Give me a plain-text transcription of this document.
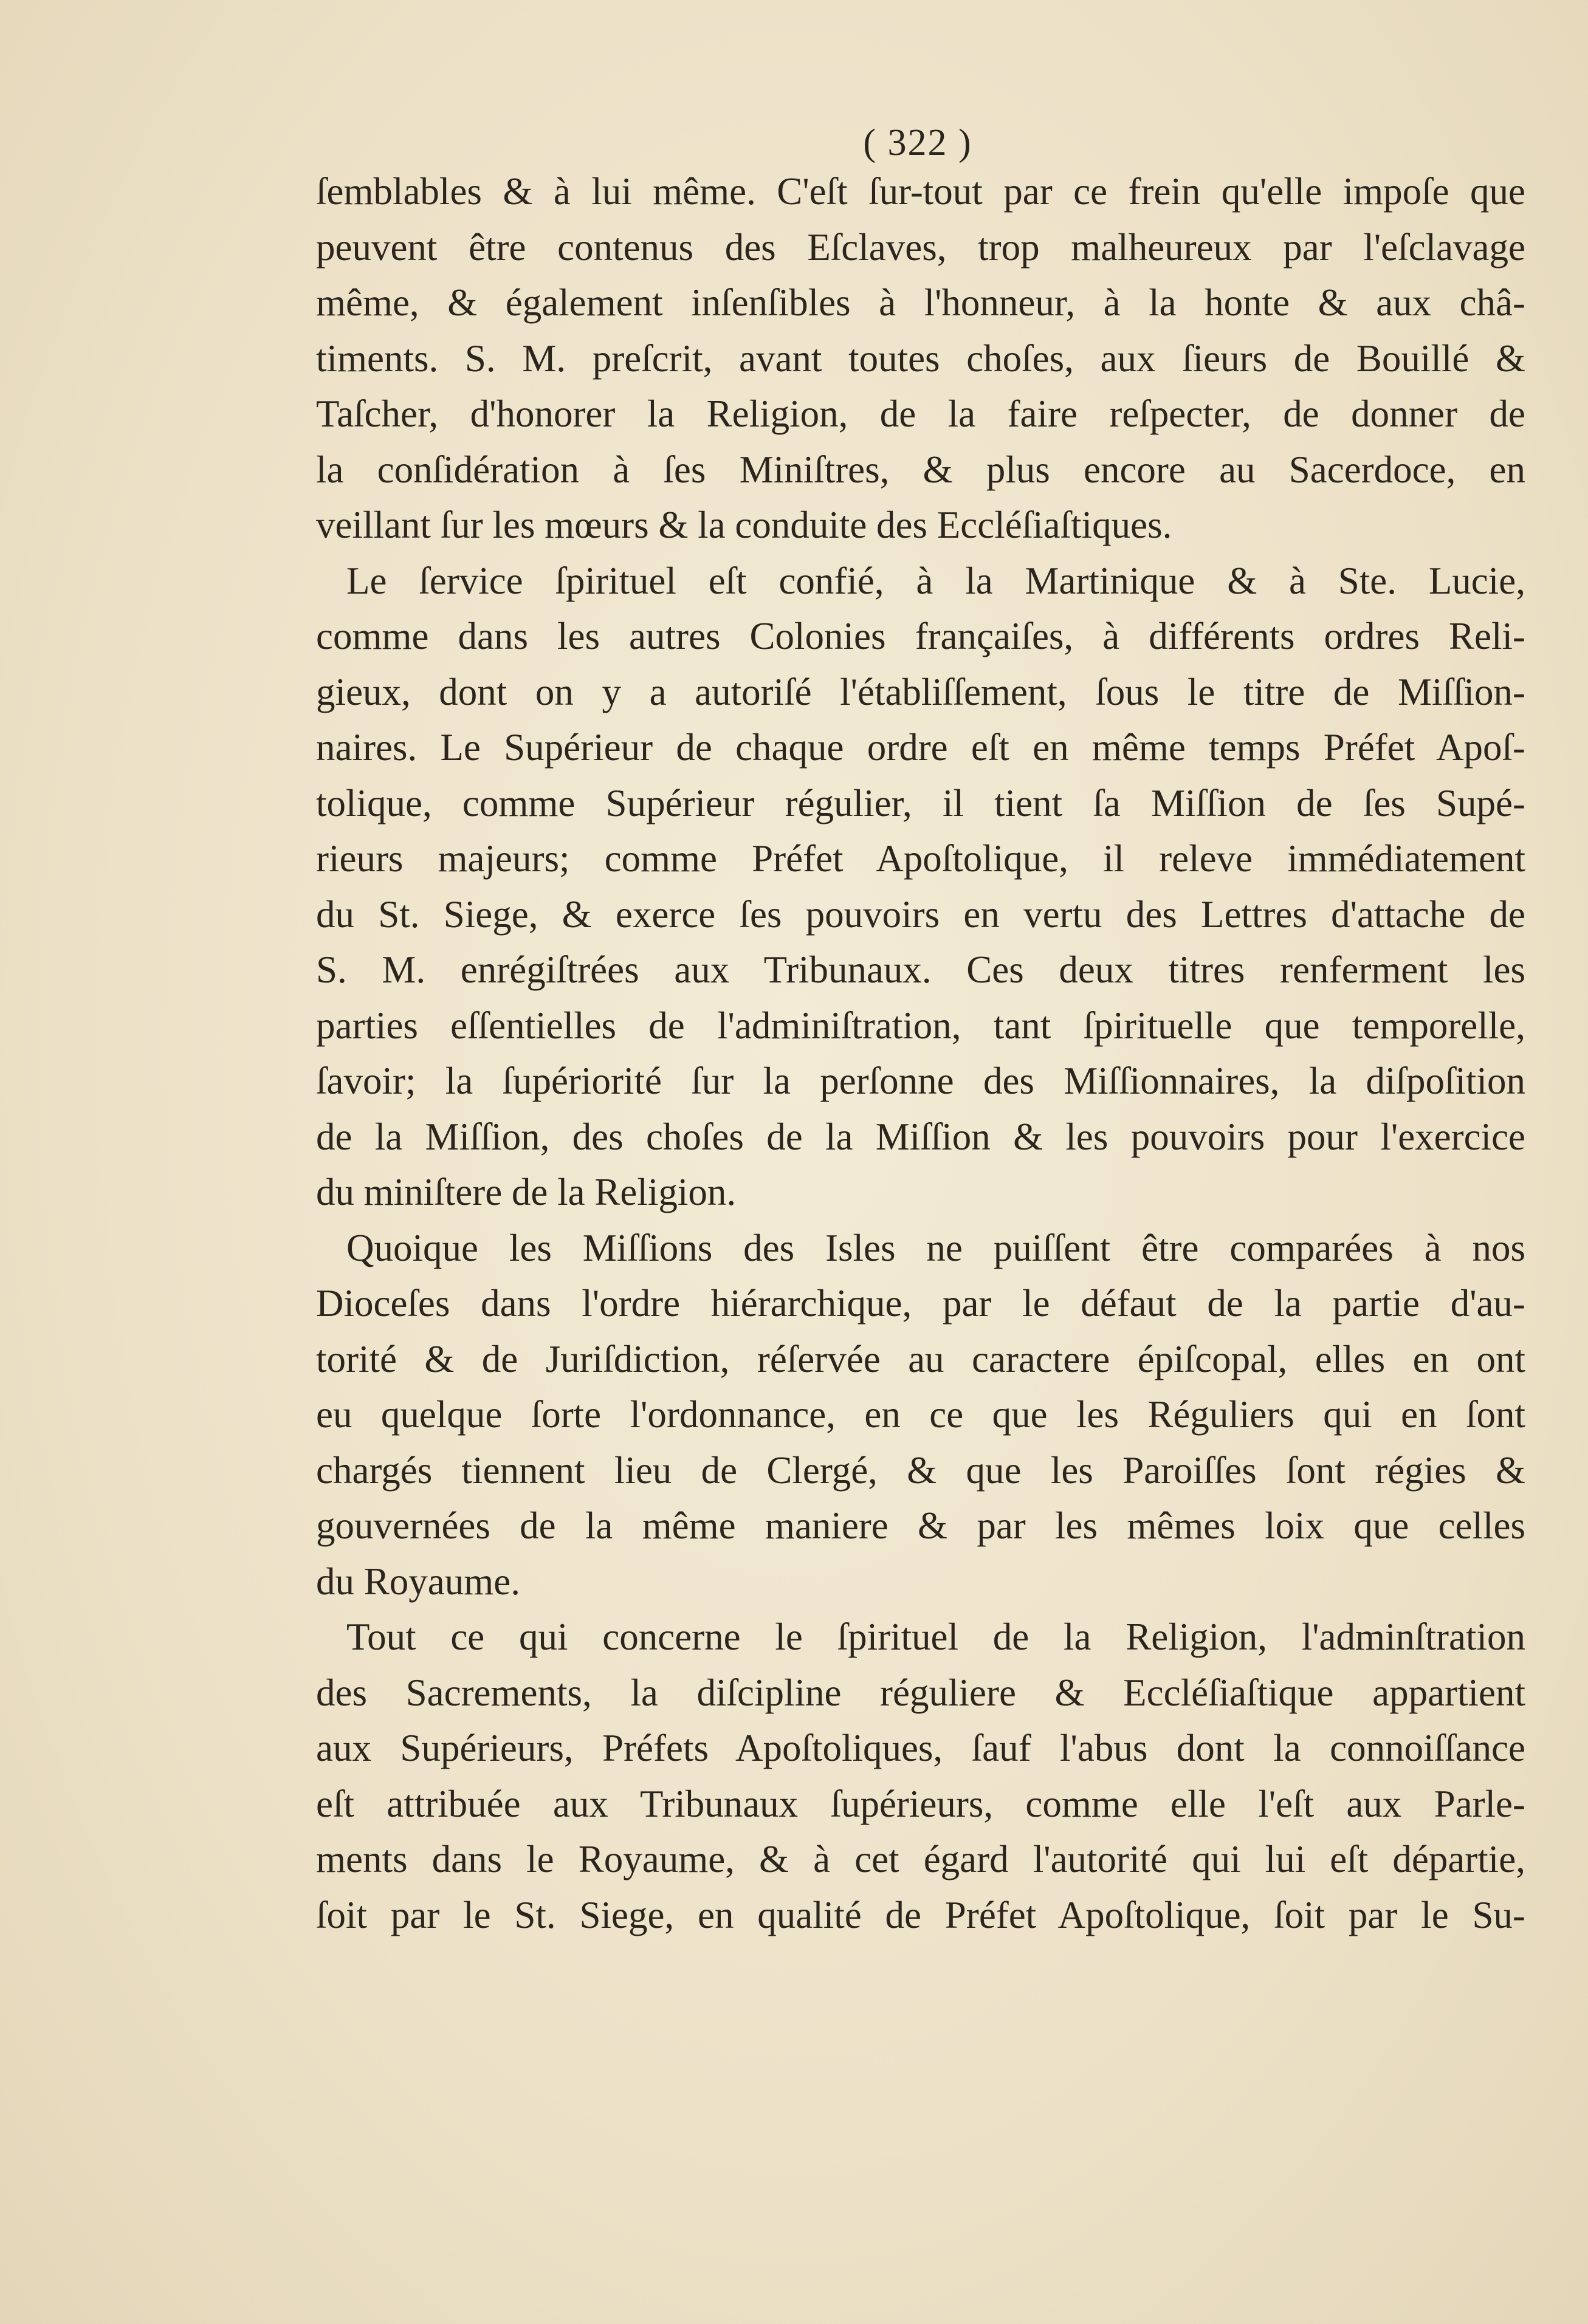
( 322 )

ſemblables & à lui même. C'eſt ſur-tout par ce frein qu'elle impoſe que
peuvent être contenus des Eſclaves, trop malheureux par l'eſclavage
même, & également inſenſibles à l'honneur, à la honte & aux châ-
timents. S. M. preſcrit, avant toutes choſes, aux ſieurs de Bouillé &
Taſcher, d'honorer la Religion, de la faire reſpecter, de donner de
la conſidération à ſes Miniſtres, & plus encore au Sacerdoce, en
veillant ſur les mœurs & la conduite des Eccléſiaſtiques.

Le ſervice ſpirituel eſt confié, à la Martinique & à Ste. Lucie,
comme dans les autres Colonies françaiſes, à différents ordres Reli-
gieux, dont on y a autoriſé l'établiſſement, ſous le titre de Miſſion-
naires. Le Supérieur de chaque ordre eſt en même temps Préfet Apoſ-
tolique, comme Supérieur régulier, il tient ſa Miſſion de ſes Supé-
rieurs majeurs; comme Préfet Apoſtolique, il releve immédiatement
du St. Siege, & exerce ſes pouvoirs en vertu des Lettres d'attache de
S. M. enrégiſtrées aux Tribunaux. Ces deux titres renferment les
parties eſſentielles de l'adminiſtration, tant ſpirituelle que temporelle,
ſavoir; la ſupériorité ſur la perſonne des Miſſionnaires, la diſpoſition
de la Miſſion, des choſes de la Miſſion & les pouvoirs pour l'exercice
du miniſtere de la Religion.

Quoique les Miſſions des Isles ne puiſſent être comparées à nos
Dioceſes dans l'ordre hiérarchique, par le défaut de la partie d'au-
torité & de Juriſdiction, réſervée au caractere épiſcopal, elles en ont
eu quelque ſorte l'ordonnance, en ce que les Réguliers qui en ſont
chargés tiennent lieu de Clergé, & que les Paroiſſes ſont régies &
gouvernées de la même maniere & par les mêmes loix que celles
du Royaume.

Tout ce qui concerne le ſpirituel de la Religion, l'adminſtration
des Sacrements, la diſcipline réguliere & Eccléſiaſtique appartient
aux Supérieurs, Préfets Apoſtoliques, ſauf l'abus dont la connoiſſance
eſt attribuée aux Tribunaux ſupérieurs, comme elle l'eſt aux Parle-
ments dans le Royaume, & à cet égard l'autorité qui lui eſt départie,
ſoit par le St. Siege, en qualité de Préfet Apoſtolique, ſoit par le Su-
